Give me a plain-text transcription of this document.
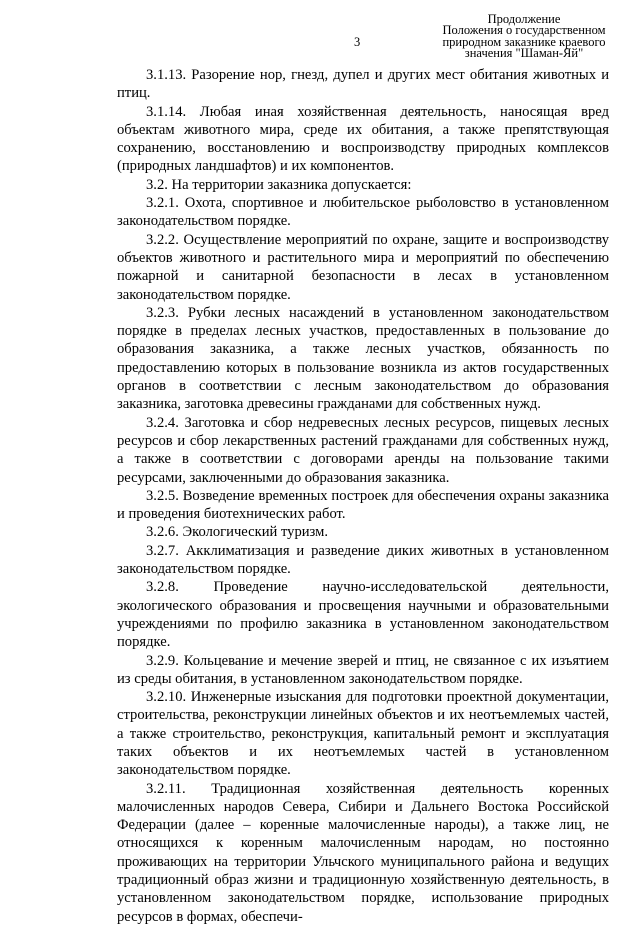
3
Продолжение
Положения о государственном
природном заказнике краевого
значения "Шаман-Яй"

3.1.13. Разорение нор, гнезд, дупел и других мест обитания животных и птиц.

3.1.14. Любая иная хозяйственная деятельность, наносящая вред объектам животного мира, среде их обитания, а также препятствующая сохранению, восстановлению и воспроизводству природных комплексов (природных ландшафтов) и их компонентов.

3.2. На территории заказника допускается:

3.2.1. Охота, спортивное и любительское рыболовство в установленном законодательством порядке.

3.2.2. Осуществление мероприятий по охране, защите и воспроизводству объектов животного и растительного мира и мероприятий по обеспечению пожарной и санитарной безопасности в лесах в установленном законодательством порядке.

3.2.3. Рубки лесных насаждений в установленном законодательством порядке в пределах лесных участков, предоставленных в пользование до образования заказника, а также лесных участков, обязанность по предоставлению которых в пользование возникла из актов государственных органов в соответствии с лесным законодательством до образования заказника, заготовка древесины гражданами для собственных нужд.

3.2.4. Заготовка и сбор недревесных лесных ресурсов, пищевых лесных ресурсов и сбор лекарственных растений гражданами для собственных нужд, а также в соответствии с договорами аренды на пользование такими ресурсами, заключенными до образования заказника.

3.2.5. Возведение временных построек для обеспечения охраны заказника и проведения биотехнических работ.

3.2.6. Экологический туризм.

3.2.7. Акклиматизация и разведение диких животных в установленном законодательством порядке.

3.2.8. Проведение научно-исследовательской деятельности, экологического образования и просвещения научными и образовательными учреждениями по профилю заказника в установленном законодательством порядке.

3.2.9. Кольцевание и мечение зверей и птиц, не связанное с их изъятием из среды обитания, в установленном законодательством порядке.

3.2.10. Инженерные изыскания для подготовки проектной документации, строительства, реконструкции линейных объектов и их неотъемлемых частей, а также строительство, реконструкция, капитальный ремонт и эксплуатация таких объектов и их неотъемлемых частей в установленном законодательством порядке.

3.2.11. Традиционная хозяйственная деятельность коренных малочисленных народов Севера, Сибири и Дальнего Востока Российской Федерации (далее – коренные малочисленные народы), а также лиц, не относящихся к коренным малочисленным народам, но постоянно проживающих на территории Ульчского муниципального района и ведущих традиционный образ жизни и традиционную хозяйственную деятельность, в установленном законодательством порядке, использование природных ресурсов в формах, обеспечи-
